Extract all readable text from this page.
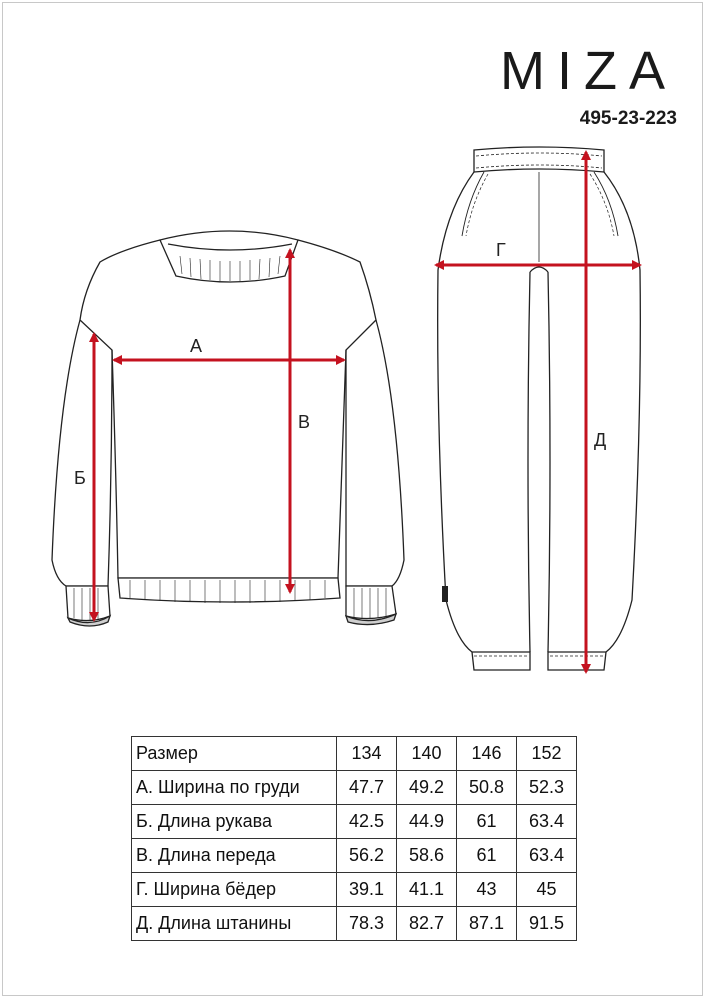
MIZA
495-23-223
А
Б
В
Г
Д
Размер	134	140	146	152
А. Ширина по груди	47.7	49.2	50.8	52.3
Б. Длина рукава	42.5	44.9	61	63.4
В. Длина переда	56.2	58.6	61	63.4
Г. Ширина бёдер	39.1	41.1	43	45
Д. Длина штанины	78.3	82.7	87.1	91.5
